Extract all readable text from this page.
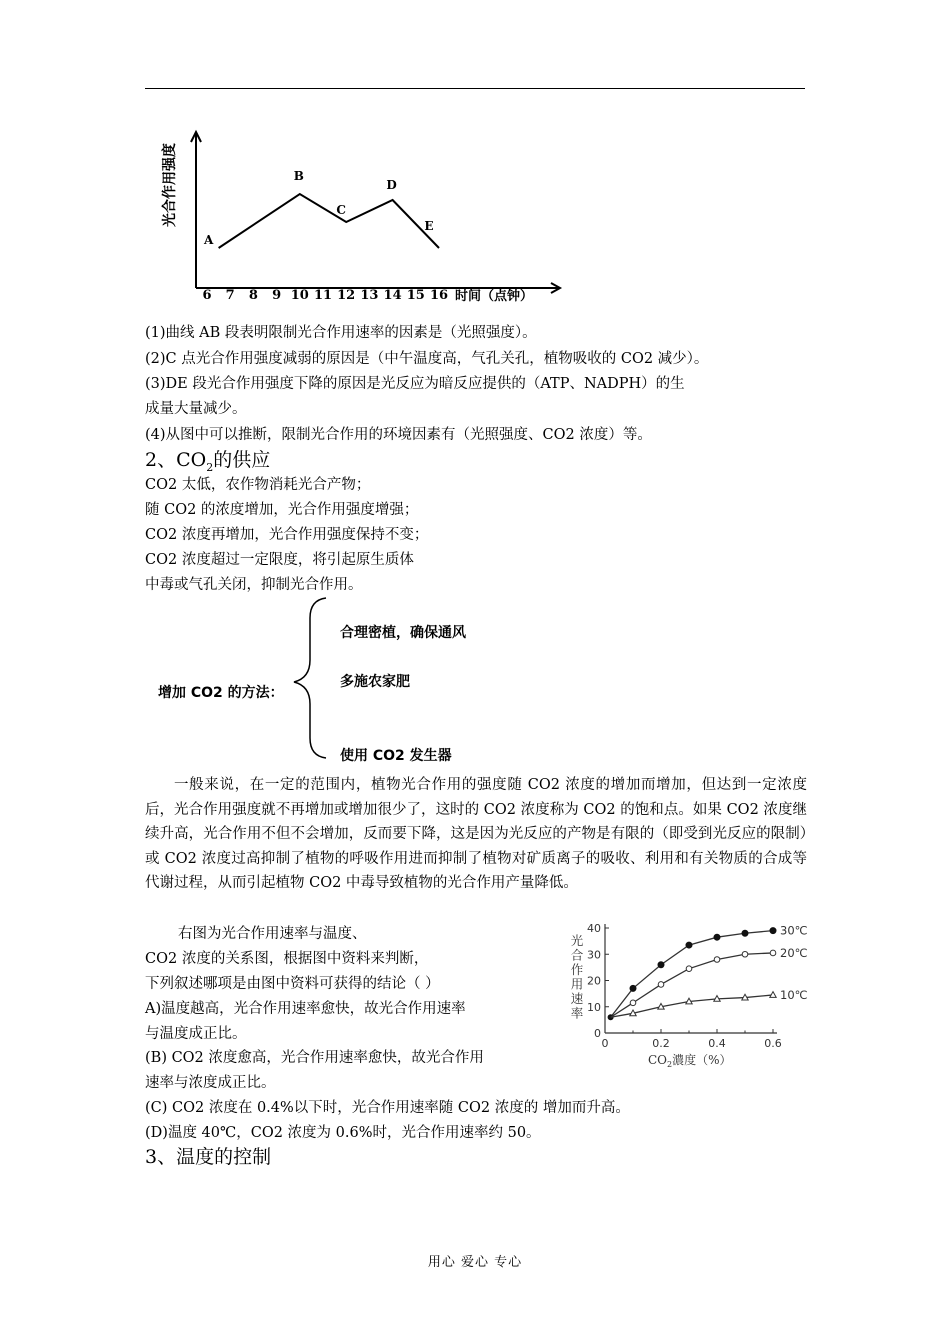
6 7 8 9 10 11 12 13 14 15 16
光合作用强度
时间（点钟）
A
B
C
D
E
(1)曲线 AB 段表明限制光合作用速率的因素是（光照强度）。
(2)C 点光合作用强度减弱的原因是（中午温度高，气孔关孔，植物吸收的 CO2 减少）。
(3)DE 段光合作用强度下降的原因是光反应为暗反应提供的（ATP、NADPH）的生
成量大量减少。
(4)从图中可以推断，限制光合作用的环境因素有（光照强度、CO2 浓度）等。
2、$CO_2$的供应
CO2 太低，农作物消耗光合产物；
随 CO2 的浓度增加，光合作用强度增强；
CO2 浓度再增加，光合作用强度保持不变；
CO2 浓度超过一定限度，将引起原生质体
中毒或气孔关闭，抑制光合作用。
增加 CO2 的方法：
合理密植，确保通风
多施农家肥
使用 CO2 发生器
一般来说，在一定的范围内，植物光合作用的强度随 CO2 浓度的增加而增加，但达到一定浓度后，光合作用强度就不再增加或增加很少了，这时的 CO2 浓度称为 CO2 的饱和点。如果 CO2 浓度继续升高，光合作用不但不会增加，反而要下降，这是因为光反应的产物是有限的（即受到光反应的限制）或 CO2 浓度过高抑制了植物的呼吸作用进而抑制了植物对矿质离子的吸收、利用和有关物质的合成等代谢过程，从而引起植物 CO2 中毒导致植物的光合作用产量降低。
右图为光合作用速率与温度、
CO2 浓度的关系图，根据图中资料来判断，
下列叙述哪项是由图中资料可获得的结论（ ）
A)温度越高，光合作用速率愈快，故光合作用速率
与温度成正比。
(B) CO2 浓度愈高，光合作用速率愈快，故光合作用
速率与浓度成正比。
(C) CO2 浓度在 0.4%以下时，光合作用速率随 CO2 浓度的 增加而升高。
(D)温度 40℃，CO2 浓度为 0.6%时，光合作用速率约 50。
0
10
20
30
40
0	0.2	0.4	0.6
光
合
作
用
速
率
$CO_2$濃度（%）
30℃
20℃
10℃
3、温度的控制
用心 爱心 专心
